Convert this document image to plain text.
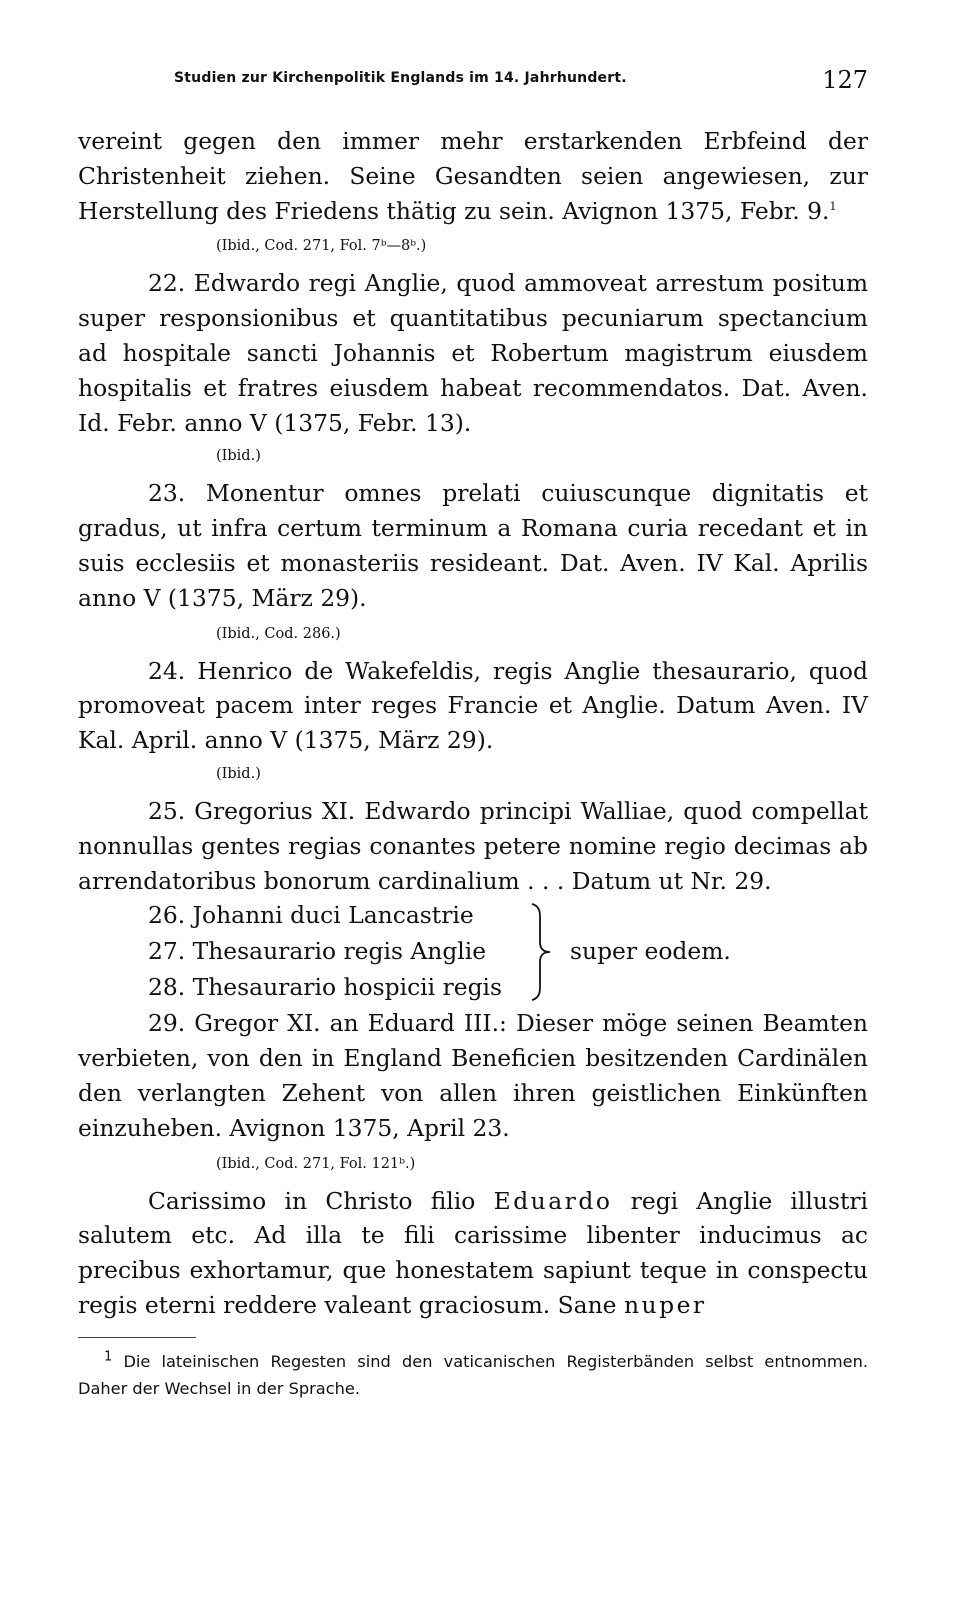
Studien zur Kirchenpolitik Englands im 14. Jahrhundert.	127

vereint gegen den immer mehr erstarkenden Erbfeind der Christenheit ziehen. Seine Gesandten seien angewiesen, zur Herstellung des Friedens thätig zu sein. Avignon 1375, Febr. 9.$^1$

(Ibid., Cod. 271, Fol. 7ᵇ—8ᵇ.)

22. Edwardo regi Anglie, quod ammoveat arrestum positum super responsionibus et quantitatibus pecuniarum spectancium ad hospitale sancti Johannis et Robertum magistrum eiusdem hospitalis et fratres eiusdem habeat recommendatos. Dat. Aven. Id. Febr. anno V (1375, Febr. 13).

(Ibid.)

23. Monentur omnes prelati cuiuscunque dignitatis et gradus, ut infra certum terminum a Romana curia recedant et in suis ecclesiis et monasteriis resideant. Dat. Aven. IV Kal. Aprilis anno V (1375, März 29).

(Ibid., Cod. 286.)

24. Henrico de Wakefeldis, regis Anglie thesaurario, quod promoveat pacem inter reges Francie et Anglie. Datum Aven. IV Kal. April. anno V (1375, März 29).

(Ibid.)

25. Gregorius XI. Edwardo principi Walliae, quod compellat nonnullas gentes regias conantes petere nomine regio decimas ab arrendatoribus bonorum cardinalium . . . Datum ut Nr. 29.

26. Johanni duci Lancastrie
27. Thesaurario regis Anglie
28. Thesaurario hospicii regis
super eodem.

29. Gregor XI. an Eduard III.: Dieser möge seinen Beamten verbieten, von den in England Beneficien besitzenden Cardinälen den verlangten Zehent von allen ihren geistlichen Einkünften einzuheben. Avignon 1375, April 23.

(Ibid., Cod. 271, Fol. 121ᵇ.)

Carissimo in Christo filio Eduardo regi Anglie illustri salutem etc. Ad illa te fili carissime libenter inducimus ac precibus exhortamur, que honestatem sapiunt teque in conspectu regis eterni reddere valeant graciosum. Sane nuper

$^1$ Die lateinischen Regesten sind den vaticanischen Registerbänden selbst entnommen. Daher der Wechsel in der Sprache.
